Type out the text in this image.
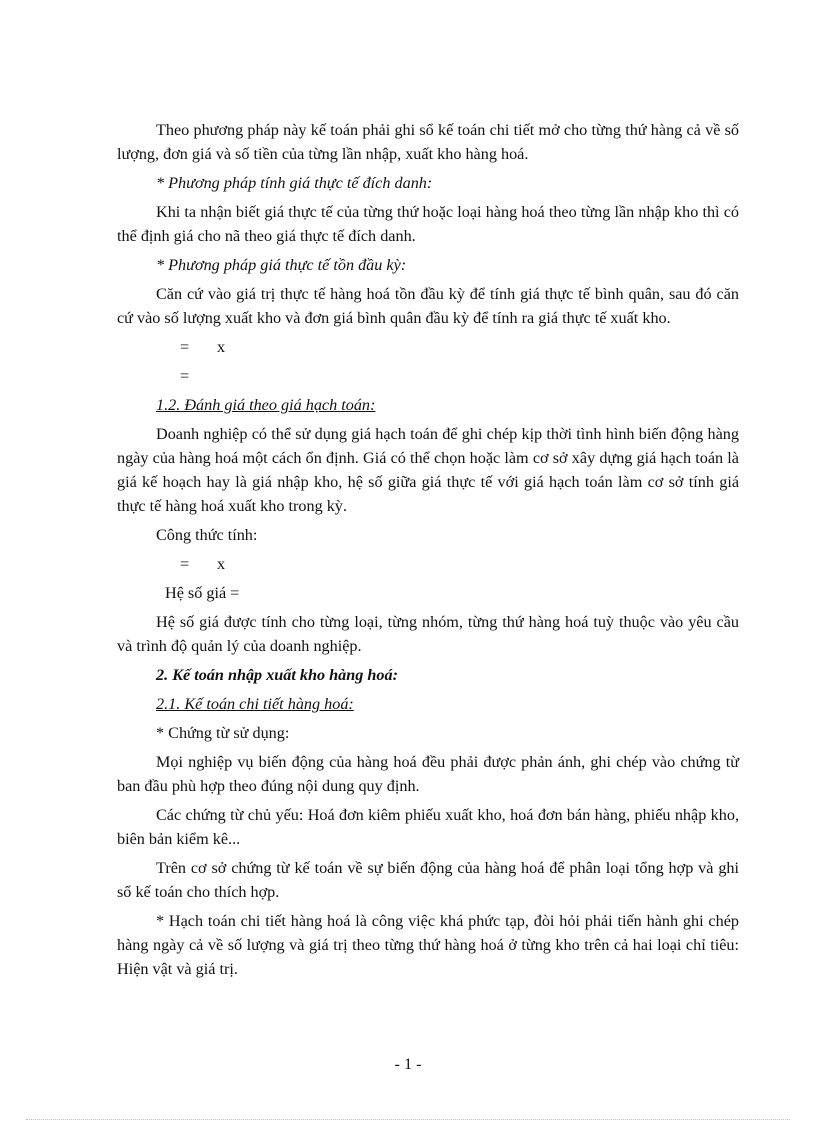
Theo phương pháp này kế toán phải ghi sổ kế toán chi tiết mở cho từng thứ hàng cả về số lượng, đơn giá và số tiền của từng lần nhập, xuất kho hàng hoá.

* Phương pháp tính giá thực tế đích danh:

Khi ta nhận biết giá thực tế của từng thứ hoặc loại hàng hoá theo từng lần nhập kho thì có thể định giá cho nã theo giá thực tế đích danh.

* Phương pháp giá thực tế tồn đầu kỳ:

Căn cứ vào giá trị thực tế hàng hoá tồn đầu kỳ để tính giá thực tế bình quân, sau đó căn cứ vào số lượng xuất kho và đơn giá bình quân đầu kỳ để tính ra giá thực tế xuất kho.

= x
=

1.2. Đánh giá theo giá hạch toán:

Doanh nghiệp có thể sử dụng giá hạch toán để ghi chép kịp thời tình hình biến động hàng ngày của hàng hoá một cách ổn định. Giá có thể chọn hoặc làm cơ sở xây dựng giá hạch toán là giá kế hoạch hay là giá nhập kho, hệ số giữa giá thực tế với giá hạch toán làm cơ sở tính giá thực tế hàng hoá xuất kho trong kỳ.

Công thức tính:

= x
Hệ số giá =

Hệ số giá được tính cho từng loại, từng nhóm, từng thứ hàng hoá tuỳ thuộc vào yêu cầu và trình độ quản lý của doanh nghiệp.

2. Kế toán nhập xuất kho hàng hoá:

2.1. Kế toán chi tiết hàng hoá:

* Chứng từ sử dụng:

Mọi nghiệp vụ biến động của hàng hoá đều phải được phản ánh, ghi chép vào chứng từ ban đầu phù hợp theo đúng nội dung quy định.

Các chứng từ chủ yếu: Hoá đơn kiêm phiếu xuất kho, hoá đơn bán hàng, phiếu nhập kho, biên bản kiểm kê...

Trên cơ sở chứng từ kế toán về sự biến động của hàng hoá để phân loại tổng hợp và ghi sổ kế toán cho thích hợp.

* Hạch toán chi tiết hàng hoá là công việc khá phức tạp, đòi hỏi phải tiến hành ghi chép hàng ngày cả về số lượng và giá trị theo từng thứ hàng hoá ở từng kho trên cả hai loại chỉ tiêu: Hiện vật và giá trị.

- 1 -
